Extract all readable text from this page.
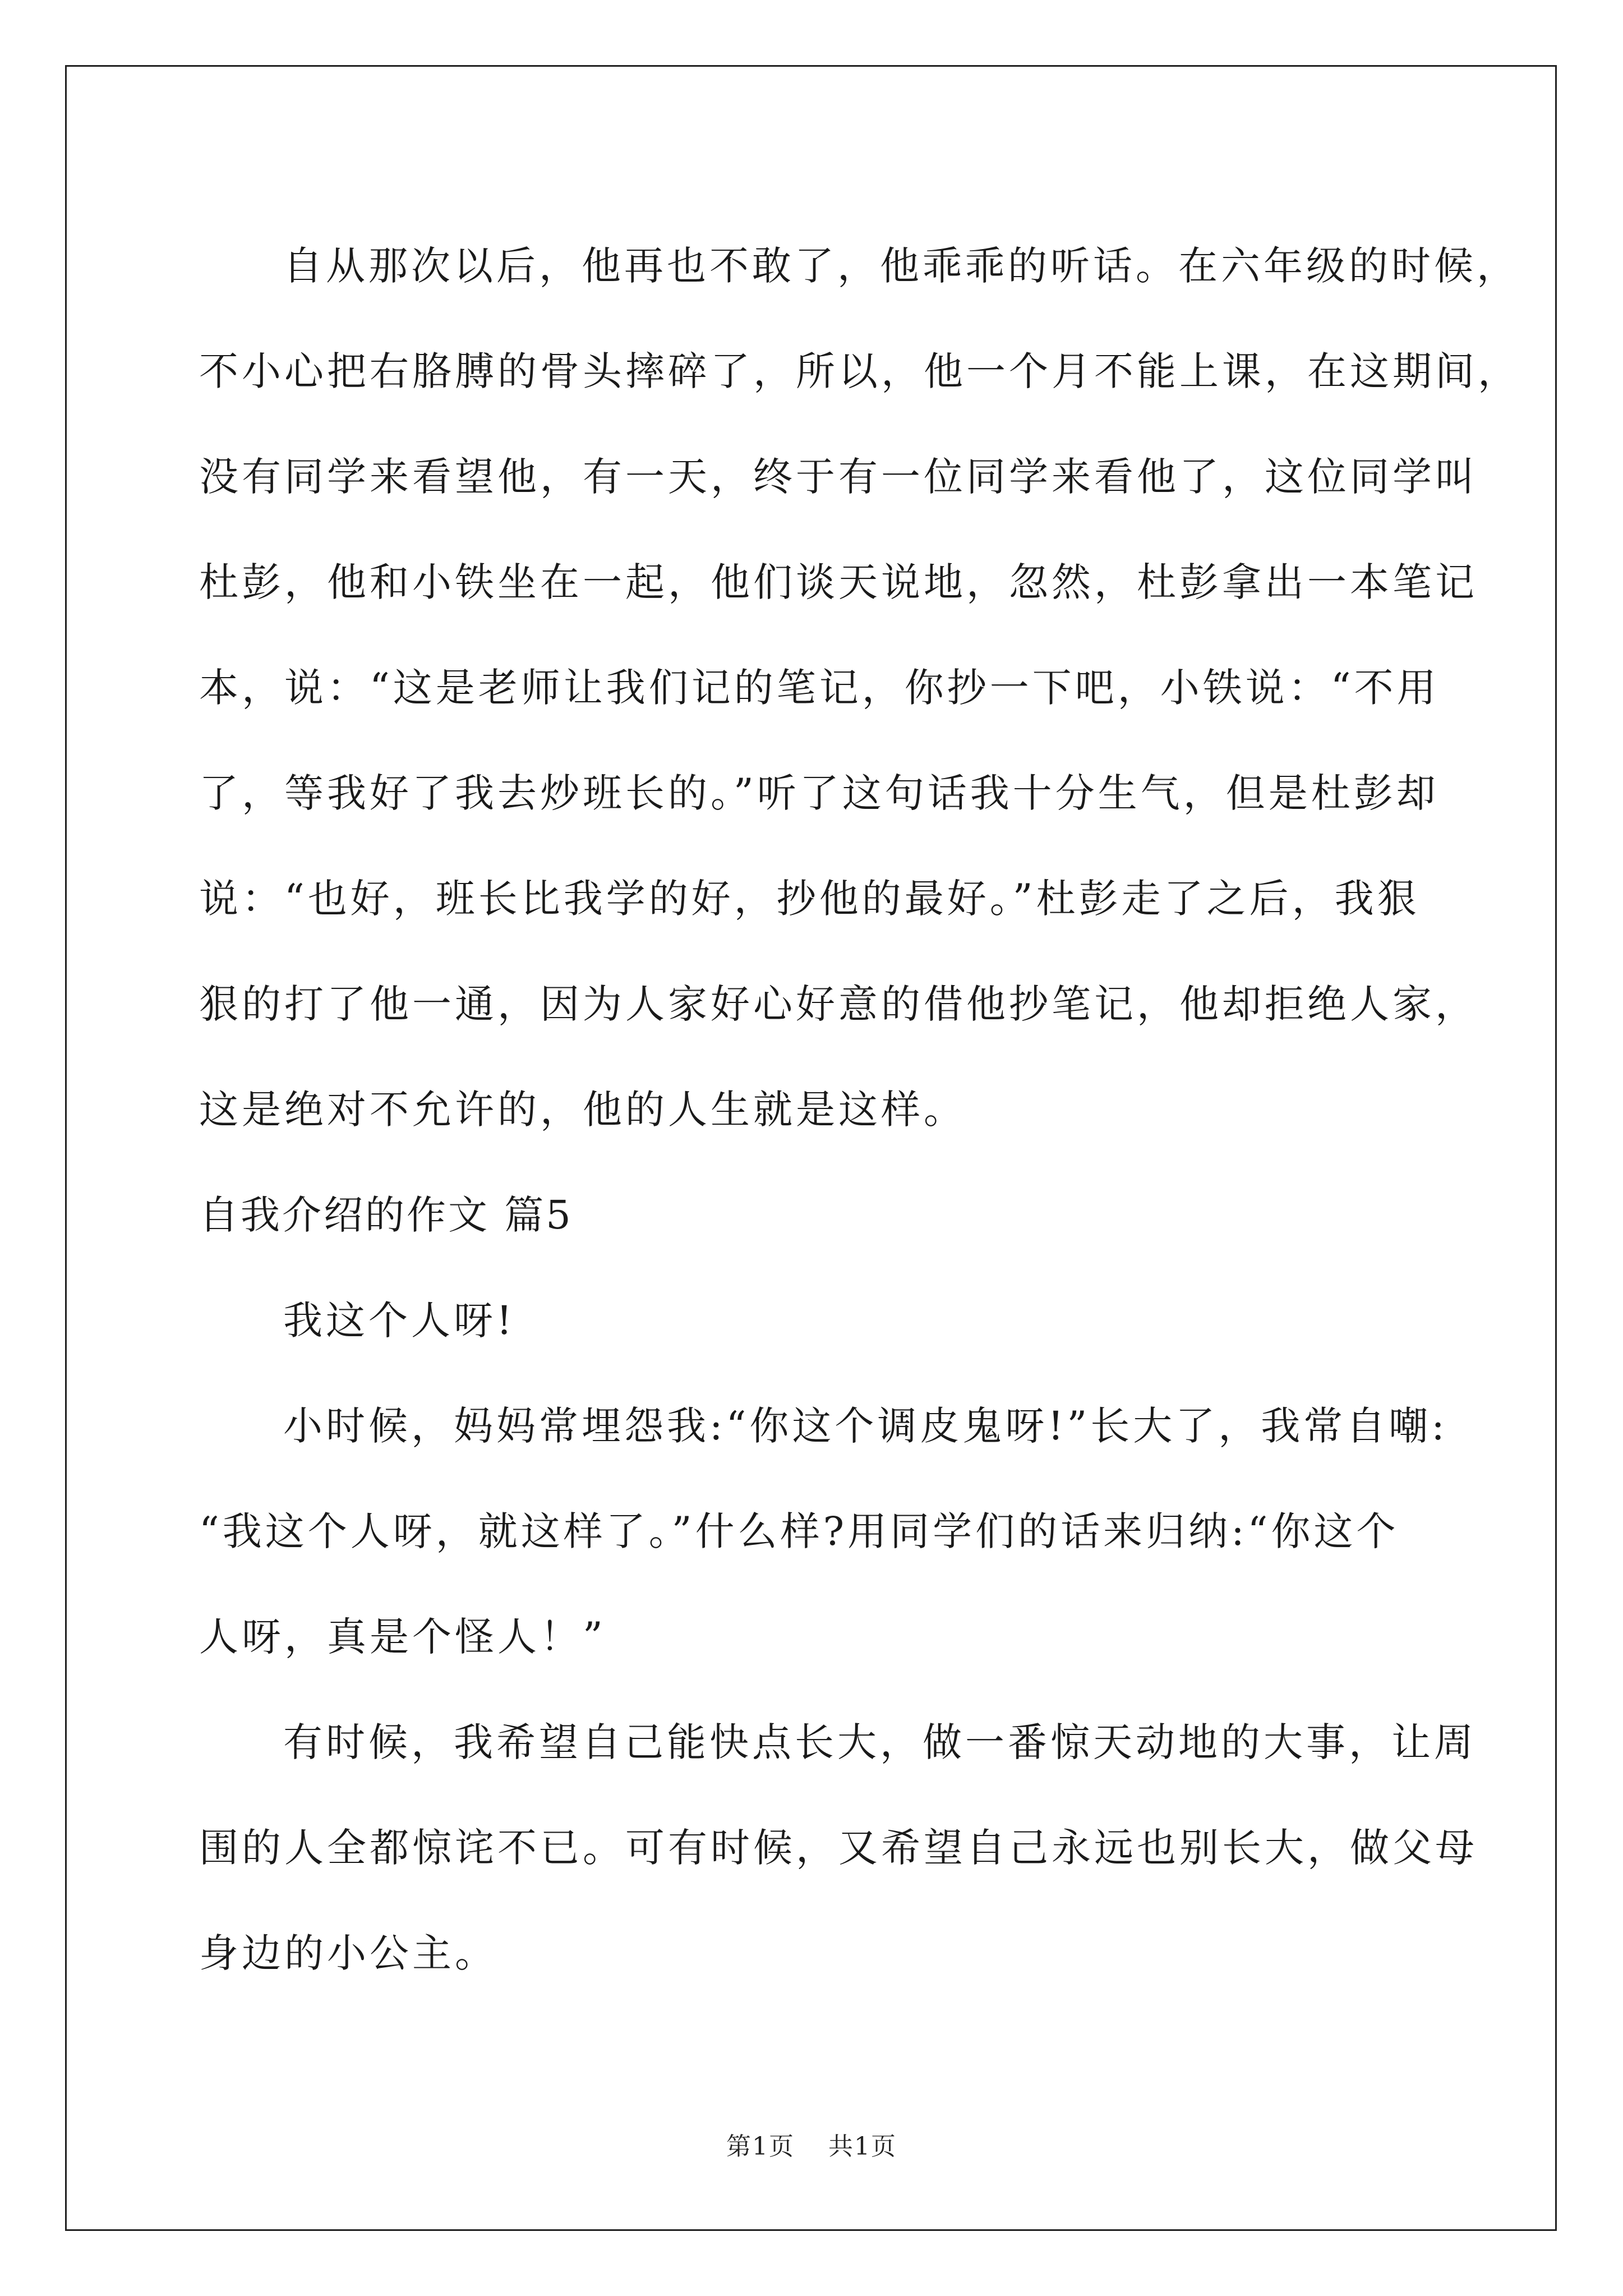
自从那次以后，他再也不敢了，他乖乖的听话。在六年级的时候，
不小心把右胳膊的骨头摔碎了，所以，他一个月不能上课，在这期间，
没有同学来看望他，有一天，终于有一位同学来看他了，这位同学叫
杜彭，他和小铁坐在一起，他们谈天说地，忽然，杜彭拿出一本笔记
本，说：“这是老师让我们记的笔记，你抄一下吧，小铁说：“不用
了，等我好了我去炒班长的。”听了这句话我十分生气，但是杜彭却
说：“也好，班长比我学的好，抄他的最好。”杜彭走了之后，我狠
狠的打了他一通，因为人家好心好意的借他抄笔记，他却拒绝人家，
这是绝对不允许的，他的人生就是这样。
自我介绍的作文 篇5
我这个人呀!
小时候，妈妈常埋怨我:“你这个调皮鬼呀!”长大了，我常自嘲:
“我这个人呀，就这样了。”什么样?用同学们的话来归纳:“你这个
人呀，真是个怪人！”
有时候，我希望自己能快点长大，做一番惊天动地的大事，让周
围的人全都惊诧不已。可有时候，又希望自己永远也别长大，做父母
身边的小公主。
第1页 共1页
